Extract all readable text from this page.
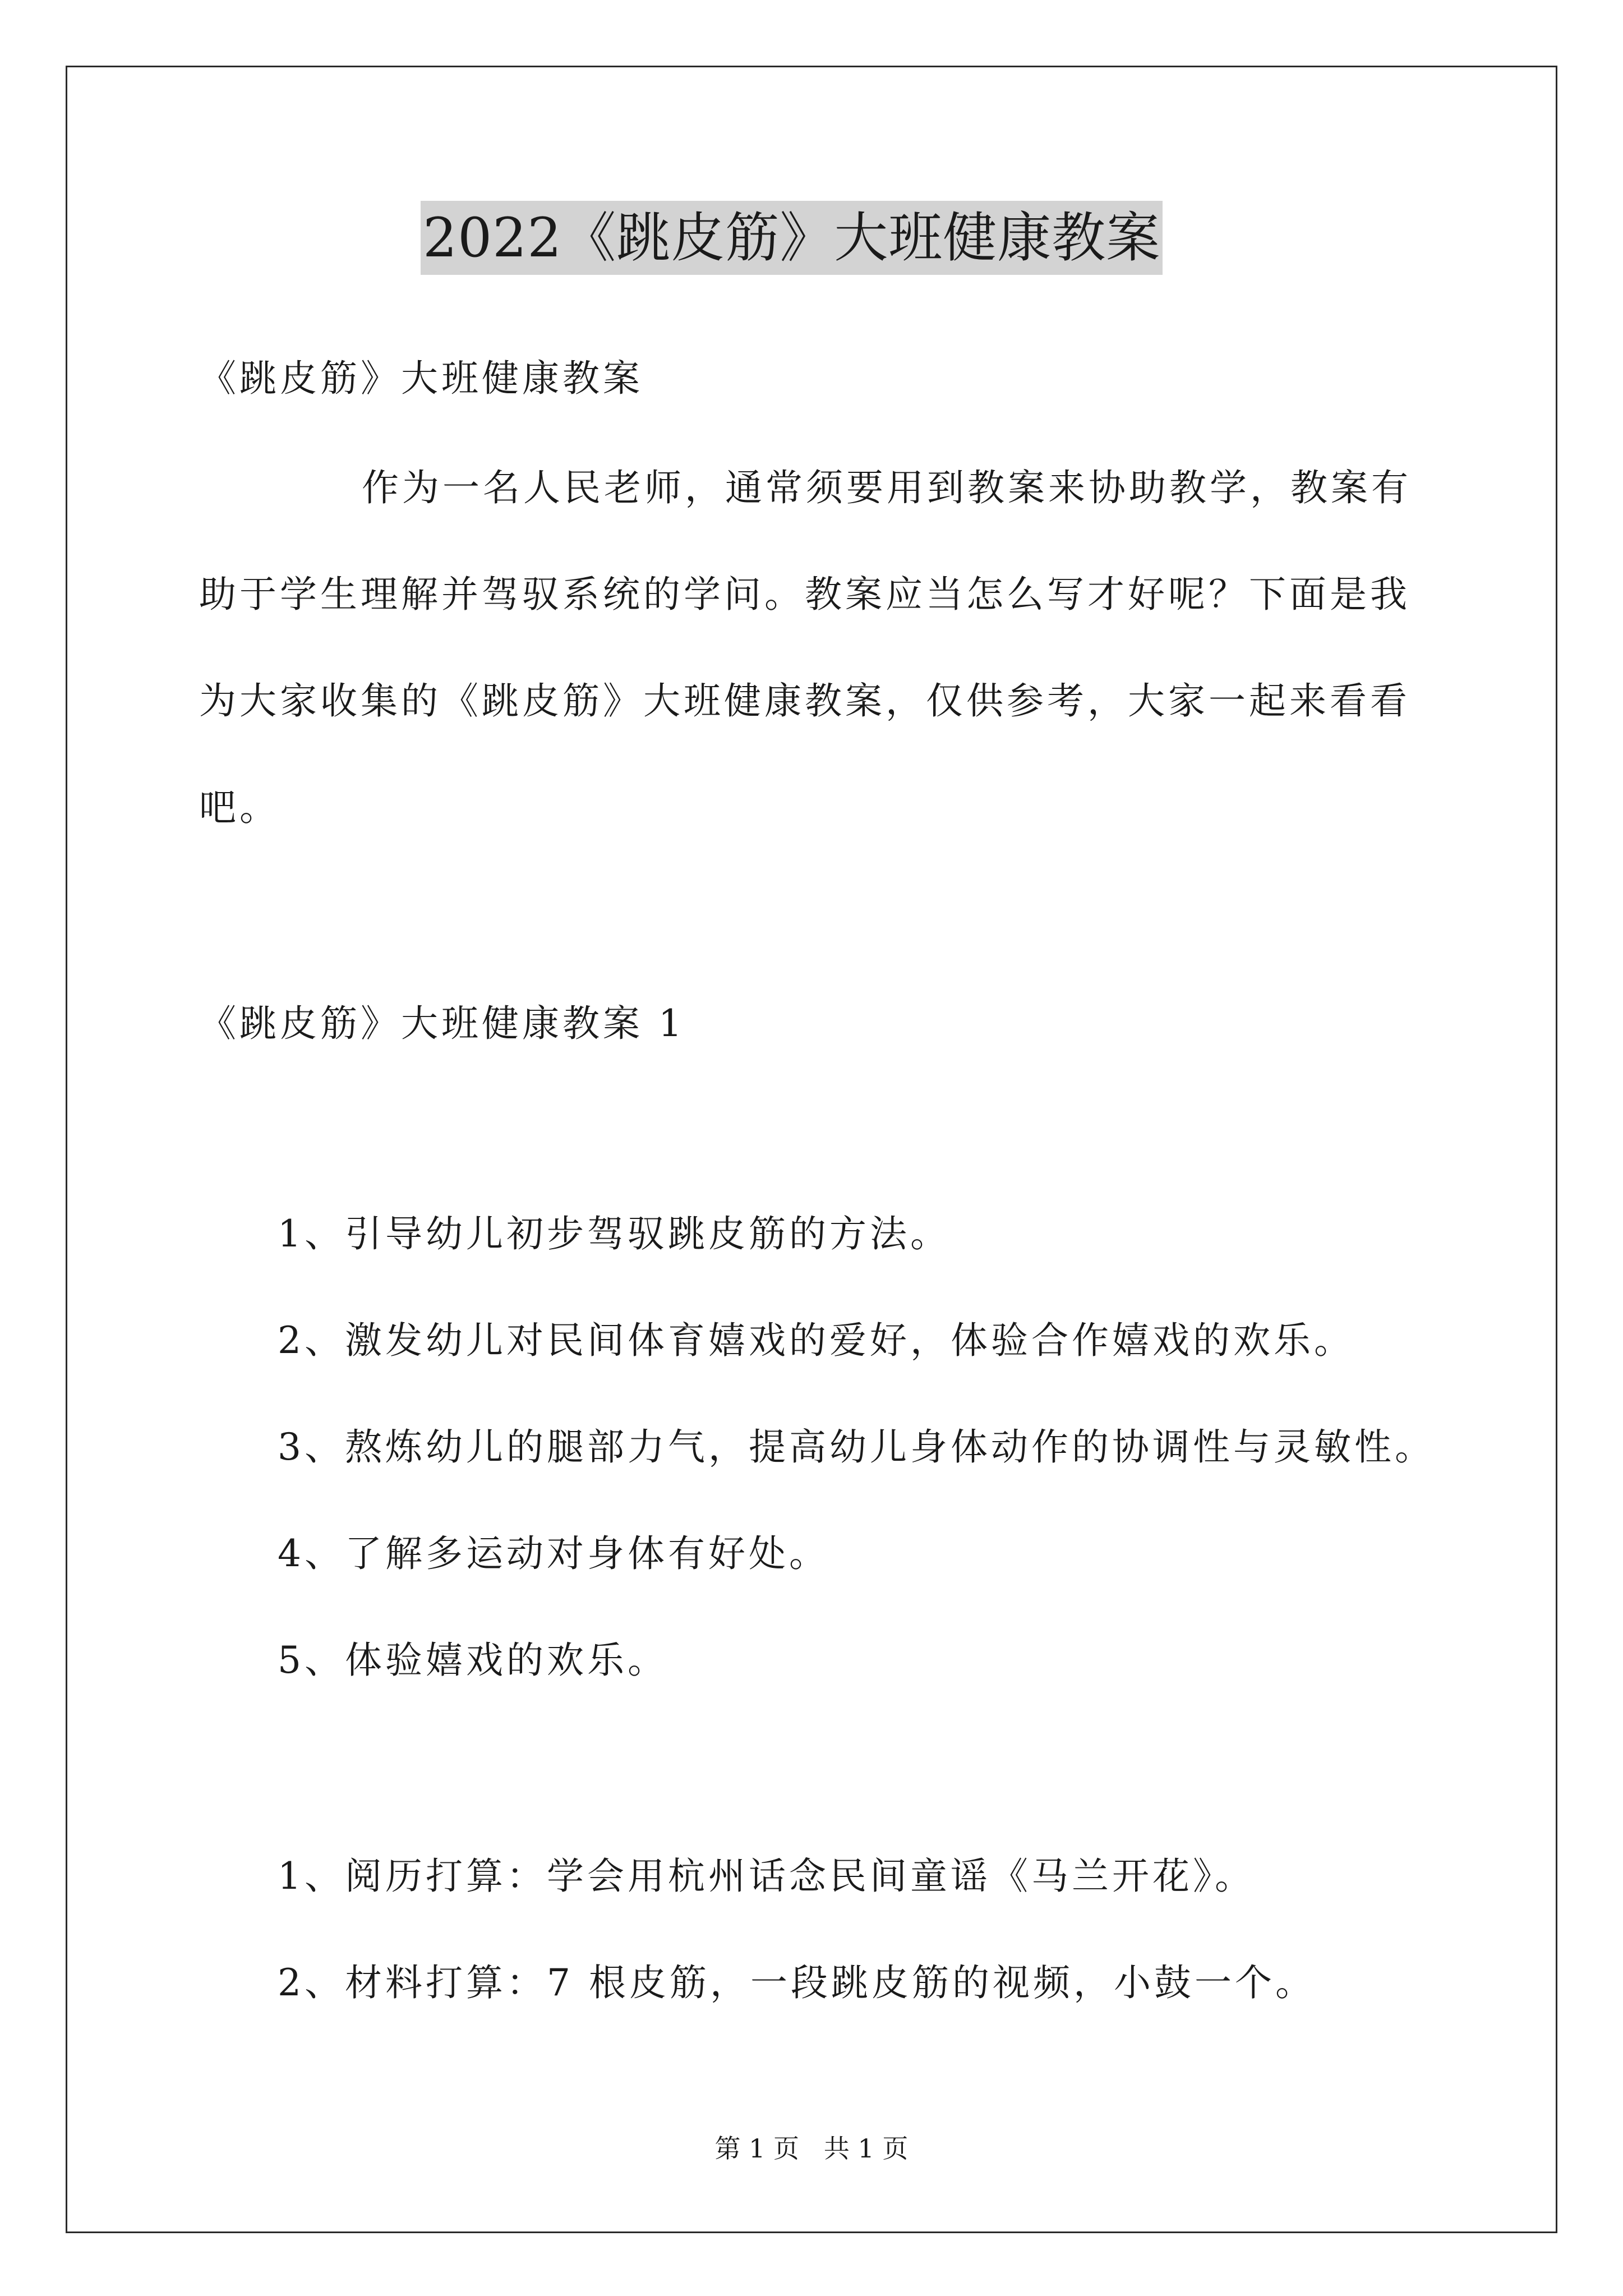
2022《跳皮筋》大班健康教案
《跳皮筋》大班健康教案
作为一名人民老师，通常须要用到教案来协助教学，教案有
助于学生理解并驾驭系统的学问。教案应当怎么写才好呢？下面是我
为大家收集的《跳皮筋》大班健康教案，仅供参考，大家一起来看看
吧。
《跳皮筋》大班健康教案 1
1、引导幼儿初步驾驭跳皮筋的方法。
2、激发幼儿对民间体育嬉戏的爱好，体验合作嬉戏的欢乐。
3、熬炼幼儿的腿部力气，提高幼儿身体动作的协调性与灵敏性。
4、了解多运动对身体有好处。
5、体验嬉戏的欢乐。
1、阅历打算：学会用杭州话念民间童谣《马兰开花》。
2、材料打算：7 根皮筋，一段跳皮筋的视频，小鼓一个。
第 1 页   共 1 页
